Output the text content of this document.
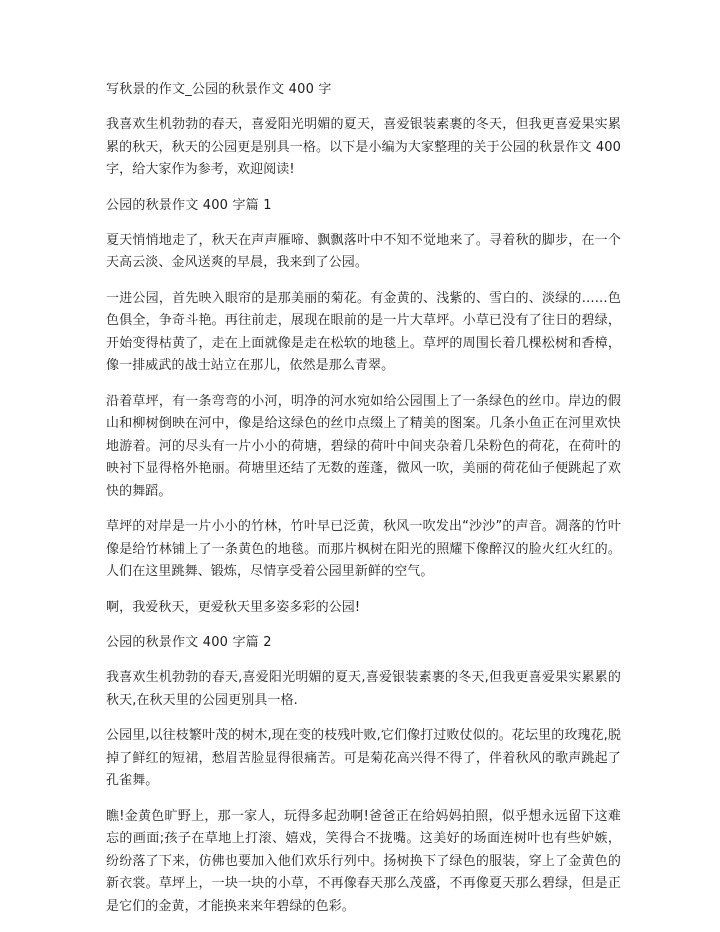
写秋景的作文_公园的秋景作文 400 字

我喜欢生机勃勃的春天，喜爱阳光明媚的夏天，喜爱银装素裹的冬天，但我更喜爱果实累累的秋天，秋天的公园更是别具一格。以下是小编为大家整理的关于公园的秋景作文 400 字，给大家作为参考，欢迎阅读!

公园的秋景作文 400 字篇 1

夏天悄悄地走了，秋天在声声雁啼、飘飘落叶中不知不觉地来了。寻着秋的脚步，在一个天高云淡、金风送爽的早晨，我来到了公园。

一进公园，首先映入眼帘的是那美丽的菊花。有金黄的、浅紫的、雪白的、淡绿的……色色俱全，争奇斗艳。再往前走，展现在眼前的是一片大草坪。小草已没有了往日的碧绿，开始变得枯黄了，走在上面就像是走在松软的地毯上。草坪的周围长着几棵松树和香樟，像一排威武的战士站立在那儿，依然是那么青翠。

沿着草坪，有一条弯弯的小河，明净的河水宛如给公园围上了一条绿色的丝巾。岸边的假山和柳树倒映在河中，像是给这绿色的丝巾点缀上了精美的图案。几条小鱼正在河里欢快地游着。河的尽头有一片小小的荷塘，碧绿的荷叶中间夹杂着几朵粉色的荷花，在荷叶的映衬下显得格外艳丽。荷塘里还结了无数的莲蓬，微风一吹，美丽的荷花仙子便跳起了欢快的舞蹈。

草坪的对岸是一片小小的竹林，竹叶早已泛黄，秋风一吹发出“沙沙”的声音。凋落的竹叶像是给竹林铺上了一条黄色的地毯。而那片枫树在阳光的照耀下像醉汉的脸火红火红的。人们在这里跳舞、锻炼，尽情享受着公园里新鲜的空气。

啊，我爱秋天，更爱秋天里多姿多彩的公园!

公园的秋景作文 400 字篇 2

我喜欢生机勃勃的春天,喜爱阳光明媚的夏天,喜爱银装素裹的冬天,但我更喜爱果实累累的秋天,在秋天里的公园更别具一格.

公园里,以往枝繁叶茂的树木,现在变的枝残叶败,它们像打过败仗似的。花坛里的玫瑰花,脱掉了鲜红的短裙，愁眉苦脸显得很痛苦。可是菊花高兴得不得了，伴着秋风的歌声跳起了孔雀舞。

瞧!金黄色旷野上，那一家人，玩得多起劲啊!爸爸正在给妈妈拍照，似乎想永远留下这难忘的画面;孩子在草地上打滚、嬉戏，笑得合不拢嘴。这美好的场面连树叶也有些妒嫉，纷纷落了下来，仿佛也要加入他们欢乐行列中。扬树换下了绿色的服装，穿上了金黄色的新衣裳。草坪上，一块一块的小草，不再像春天那么茂盛，不再像夏天那么碧绿，但是正是它们的金黄，才能换来来年碧绿的色彩。
